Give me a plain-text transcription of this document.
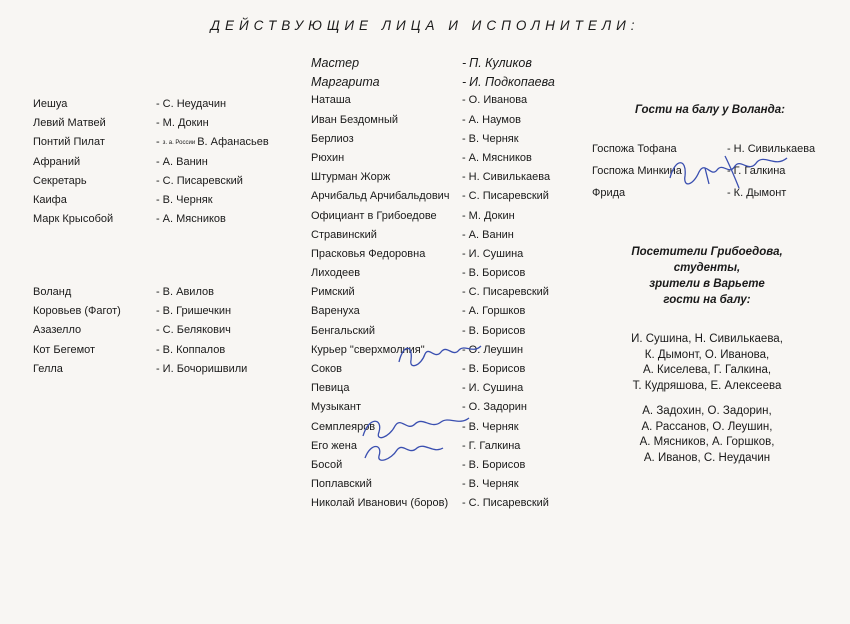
ДЕЙСТВУЮЩИЕ ЛИЦА И ИСПОЛНИТЕЛИ:
Иешуа	- С. Неудачин
Левий Матвей	- М. Докин
Понтий Пилат	- з. а. России В. Афанасьев
Афраний	- А. Ванин
Секретарь	- С. Писаревский
Каифа	- В. Черняк
Марк Крысобой	- А. Мясников
Воланд	- В. Авилов
Коровьев (Фагот)	- В. Гришечкин
Азазелло	- С. Белякович
Кот Бегемот	- В. Коппалов
Гелла	- И. Бочоришвили
Мастер	- П. Куликов
Маргарита	- И. Подкопаева
Наташа	- О. Иванова
Иван Бездомный	- А. Наумов
Берлиоз	- В. Черняк
Рюхин	- А. Мясников
Штурман Жорж	- Н. Сивилькаева
Арчибальд Арчибальдович - С. Писаревский
Официант в Грибоедове - М. Докин
Стравинский	- А. Ванин
Прасковья Федоровна	- И. Сушина
Лиходеев	- В. Борисов
Римский	- С. Писаревский
Варенуха	- А. Горшков
Бенгальский	- В. Борисов
Курьер "сверхмолния"	- О. Леушин
Соков	- В. Борисов
Певица	- И. Сушина
Музыкант	- О. Задорин
Семплеяров	- В. Черняк
Его жена	- Г. Галкина
Босой	- В. Борисов
Поплавский	- В. Черняк
Николай Иванович (боров) - С. Писаревский
Гости на балу у Воланда:
Госпожа Тофана	- Н. Сивилькаева
Госпожа Минкина	- Г. Галкина
Фрида	- К. Дымонт
Посетители Грибоедова,
студенты,
зрители в Варьете
гости на балу:
И. Сушина, Н. Сивилькаева,
К. Дымонт, О. Иванова,
А. Киселева, Г. Галкина,
Т. Кудряшова, Е. Алексеева
А. Задохин, О. Задорин,
А. Рассанов, О. Леушин,
А. Мясников, А. Горшков,
А. Иванов, С. Неудачин
